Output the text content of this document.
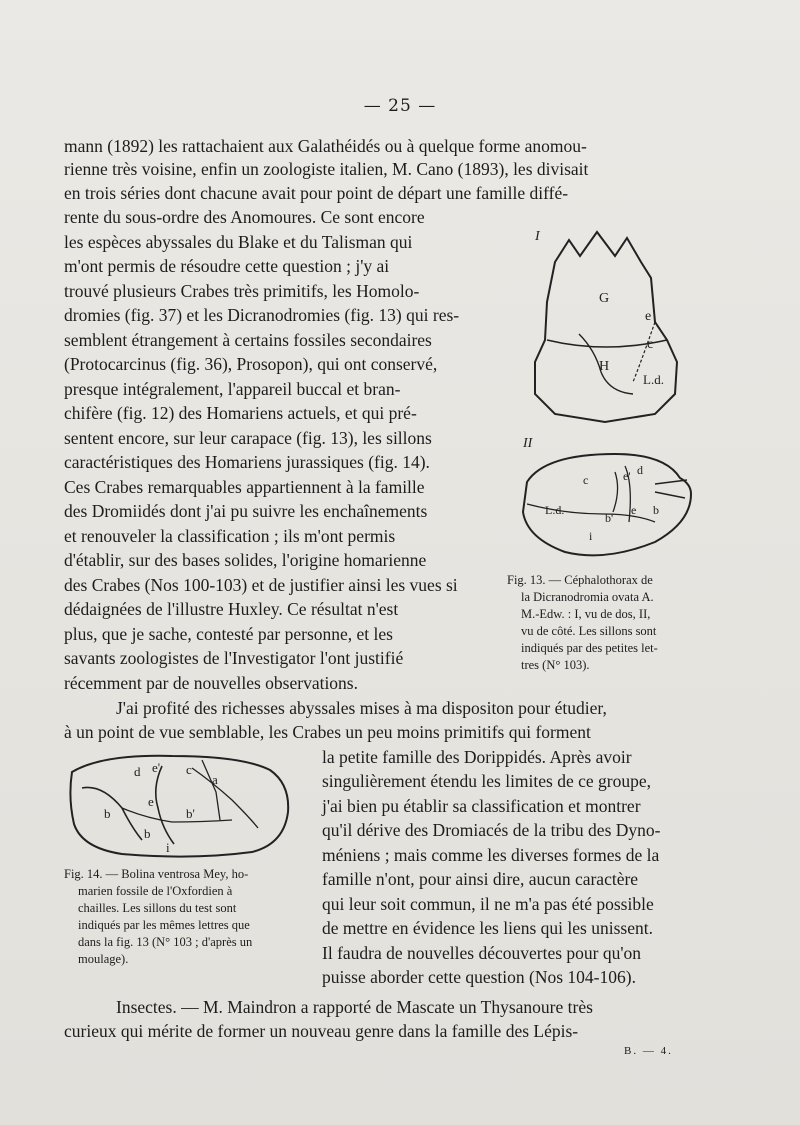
— 25 —
mann (1892) les rattachaient aux Galathéidés ou à quelque forme anomou-
rienne très voisine, enfin un zoologiste italien, M. Cano (1893), les divisait
en trois séries dont chacune avait pour point de départ une famille diffé-
rente du sous-ordre des Anomoures. Ce sont encore
les espèces abyssales du Blake et du Talisman qui
m'ont permis de résoudre cette question ; j'y ai
trouvé plusieurs Crabes très primitifs, les Homolo-
dromies (fig. 37) et les Dicranodromies (fig. 13) qui res-
semblent étrangement à certains fossiles secondaires
(Protocarcinus (fig. 36), Prosopon), qui ont conservé,
presque intégralement, l'appareil buccal et bran-
chifère (fig. 12) des Homariens actuels, et qui pré-
sentent encore, sur leur carapace (fig. 13), les sillons
caractéristiques des Homariens jurassiques (fig. 14).
Ces Crabes remarquables appartiennent à la famille
des Dromiidés dont j'ai pu suivre les enchaînements
et renouveler la classification ; ils m'ont permis
d'établir, sur des bases solides, l'origine homarienne
des Crabes (Nos 100-103) et de justifier ainsi les vues si
dédaignées de l'illustre Huxley. Ce résultat n'est
plus, que je sache, contesté par personne, et les
savants zoologistes de l'Investigator l'ont justifié
récemment par de nouvelles observations.
J'ai profité des richesses abyssales mises à ma dispositon pour étudier,
à un point de vue semblable, les Crabes un peu moins primitifs qui forment
la petite famille des Dorippidés. Après avoir
singulièrement étendu les limites de ce groupe,
j'ai bien pu établir sa classification et montrer
qu'il dérive des Dromiacés de la tribu des Dyno-
méniens ; mais comme les diverses formes de la
famille n'ont, pour ainsi dire, aucun caractère
qui leur soit commun, il ne m'a pas été possible
de mettre en évidence les liens qui les unissent.
Il faudra de nouvelles découvertes pour qu'on
puisse aborder cette question (Nos 104-106).
Insectes. — M. Maindron a rapporté de Mascate un Thysanoure très
curieux qui mérite de former un nouveau genre dans la famille des Lépis-
I
G
e
c
H
L.d.
II
e' d
c
L.d.
b'
e b
i
Fig. 13. — Céphalothorax de
la Dicranodromia ovata A.
M.-Edw. : I, vu de dos, II,
vu de côté. Les sillons sont
indiqués par des petites let-
tres (N° 103).
d e' c
a
e
b	b'
b
i
Fig. 14. — Bolina ventrosa Mey, ho-
marien fossile de l'Oxfordien à
chailles. Les sillons du test sont
indiqués par les mêmes lettres que
dans la fig. 13 (N° 103 ; d'après un
moulage).
B. — 4.
